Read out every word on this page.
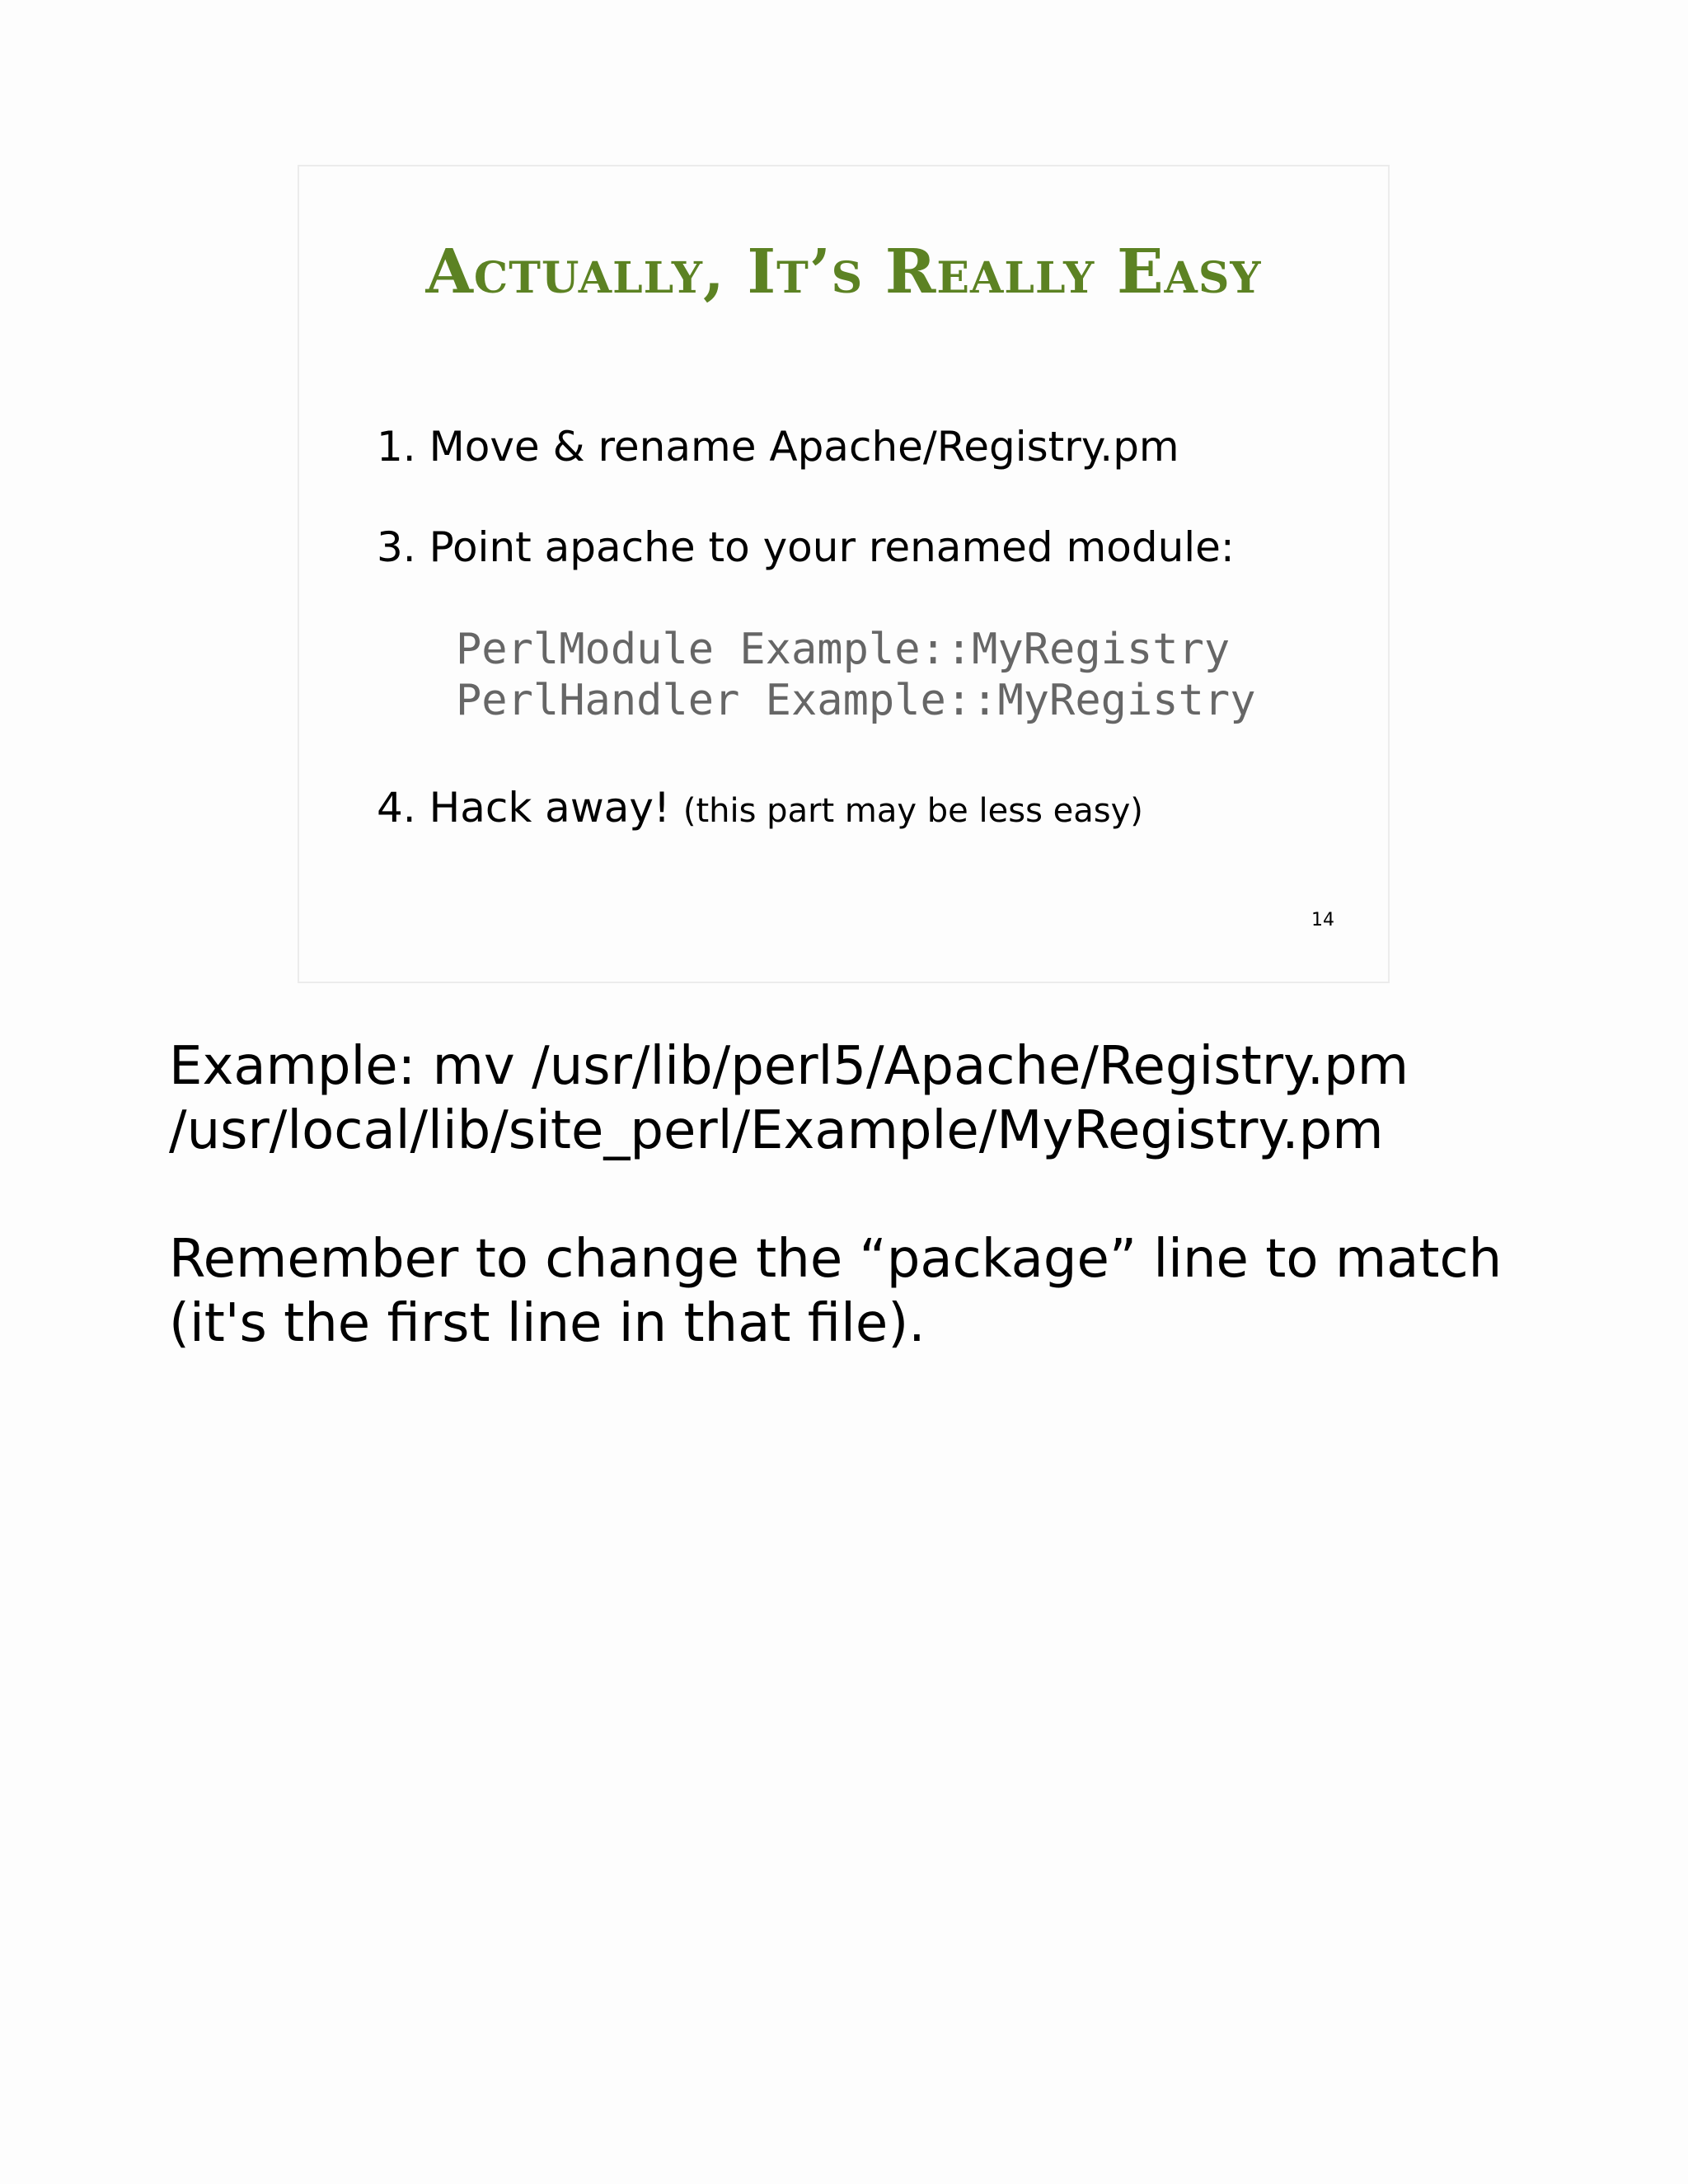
Actually, It’s Really Easy

1. Move & rename Apache/Registry.pm

3. Point apache to your renamed module:

PerlModule Example::MyRegistry
PerlHandler Example::MyRegistry

4. Hack away! (this part may be less easy)

14

Example: mv /usr/lib/perl5/Apache/Registry.pm
/usr/local/lib/site_perl/Example/MyRegistry.pm

Remember to change the “package” line to match
(it's the first line in that file).
